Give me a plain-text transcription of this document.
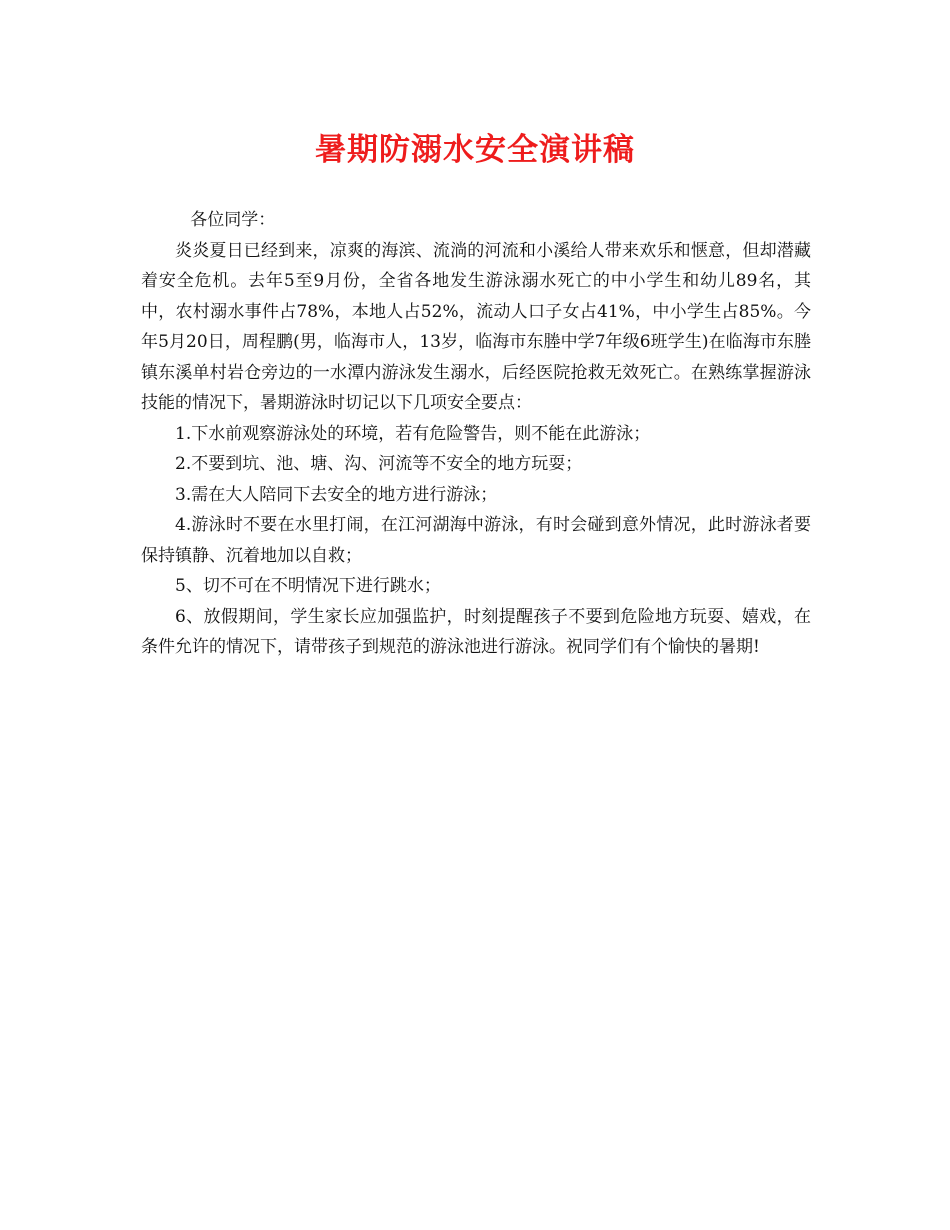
暑期防溺水安全演讲稿

各位同学：

炎炎夏日已经到来，凉爽的海滨、流淌的河流和小溪给人带来欢乐和惬意，但却潜藏着安全危机。去年5至9月份，全省各地发生游泳溺水死亡的中小学生和幼儿89名，其中，农村溺水事件占78%，本地人占52%，流动人口子女占41%，中小学生占85%。今年5月20日，周程鹏(男，临海市人，13岁，临海市东塍中学7年级6班学生)在临海市东塍镇东溪单村岩仓旁边的一水潭内游泳发生溺水，后经医院抢救无效死亡。在熟练掌握游泳技能的情况下，暑期游泳时切记以下几项安全要点：

1.下水前观察游泳处的环境，若有危险警告，则不能在此游泳；

2.不要到坑、池、塘、沟、河流等不安全的地方玩耍；

3.需在大人陪同下去安全的地方进行游泳；

4.游泳时不要在水里打闹，在江河湖海中游泳，有时会碰到意外情况，此时游泳者要保持镇静、沉着地加以自救；

5、切不可在不明情况下进行跳水；

6、放假期间，学生家长应加强监护，时刻提醒孩子不要到危险地方玩耍、嬉戏，在条件允许的情况下，请带孩子到规范的游泳池进行游泳。祝同学们有个愉快的暑期!
